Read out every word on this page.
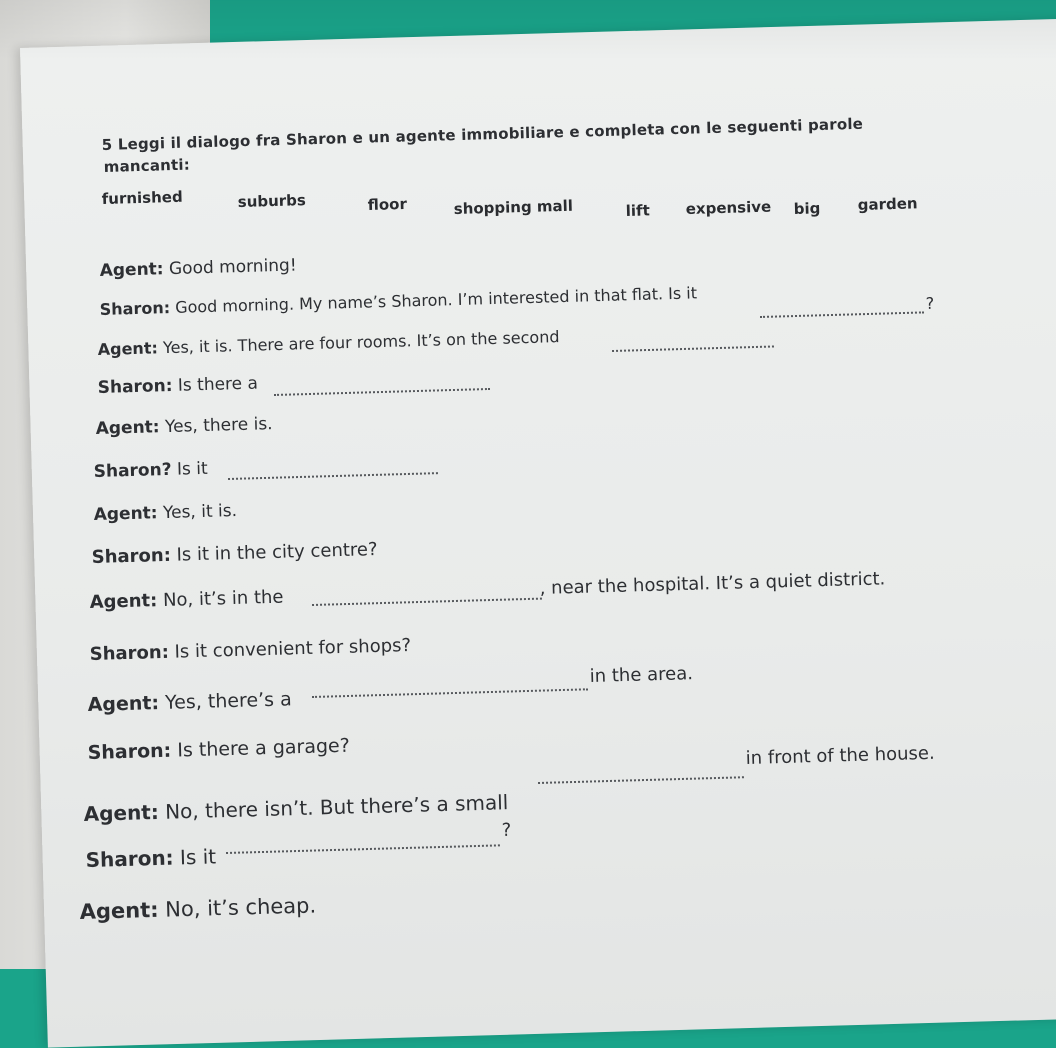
5 Leggi il dialogo fra Sharon e un agente immobiliare e completa con le seguenti parole
mancanti:
furnished	suburbs	floor	shopping mall	lift expensive big garden
Agent: Good morning!
Sharon: Good morning. My name’s Sharon. I’m interested in that flat. Is it	?
Agent: Yes, it is. There are four rooms. It’s on the second
Sharon: Is there a
Agent: Yes, there is.
Sharon? Is it
Agent: Yes, it is.
Sharon: Is it in the city centre?
Agent: No, it’s in the	, near the hospital. It’s a quiet district.
Sharon: Is it convenient for shops?
Agent: Yes, there’s a
in the area.
Sharon: Is there a garage?
Agent: No, there isn’t. But there’s a small
in front of the house.
Sharon: Is it
?
Agent: No, it’s cheap.
